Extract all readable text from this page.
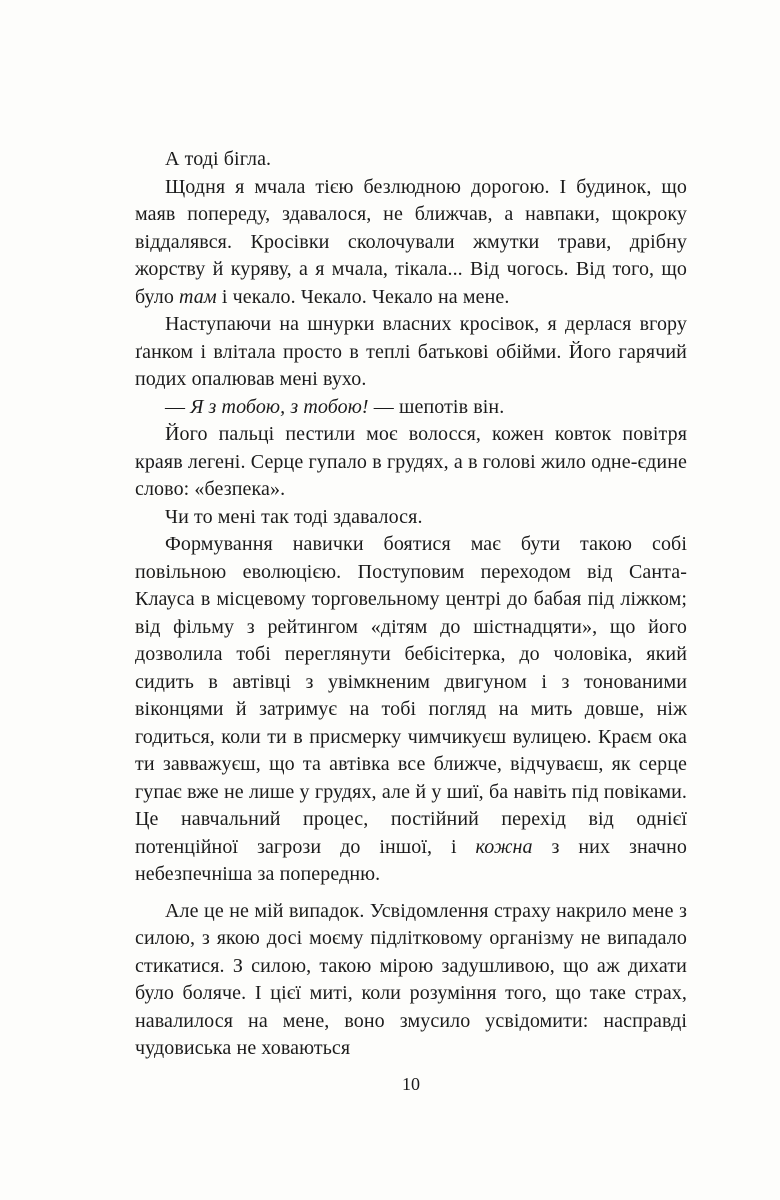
А тоді бігла.

Щодня я мчала тією безлюдною дорогою. І будинок, що маяв попереду, здавалося, не ближчав, а навпаки, щокроку віддалявся. Кросівки сколочували жмутки трави, дрібну жорству й куряву, а я мчала, тікала... Від чогось. Від того, що було там і чекало. Чекало. Чекало на мене.

Наступаючи на шнурки власних кросівок, я дерлася вгору ґанком і влітала просто в теплі батькові обійми. Його гарячий подих опалював мені вухо.

— Я з тобою, з тобою! — шепотів він.

Його пальці пестили моє волосся, кожен ковток повітря краяв легені. Серце гупало в грудях, а в голові жило одне-єдине слово: «безпека».

Чи то мені так тоді здавалося.

Формування навички боятися має бути такою собі повільною еволюцією. Поступовим переходом від Санта-Клауса в місцевому торговельному центрі до бабая під ліжком; від фільму з рейтингом «дітям до шістнадцяти», що його дозволила тобі переглянути бебісітерка, до чоловіка, який сидить в автівці з увімкненим двигуном і з тонованими віконцями й затримує на тобі погляд на мить довше, ніж годиться, коли ти в присмерку чимчикуєш вулицею. Краєм ока ти завважуєш, що та автівка все ближче, відчуваєш, як серце гупає вже не лише у грудях, але й у шиї, ба навіть під повіками. Це навчальний процес, постійний перехід від однієї потенційної загрози до іншої, і кожна з них значно небезпечніша за попередню.

Але це не мій випадок. Усвідомлення страху накрило мене з силою, з якою досі моєму підлітковому організму не випадало стикатися. З силою, такою мірою задушливою, що аж дихати було боляче. І цієї миті, коли розуміння того, що таке страх, навалилося на мене, воно змусило усвідомити: насправді чудовиська не ховаються

10
